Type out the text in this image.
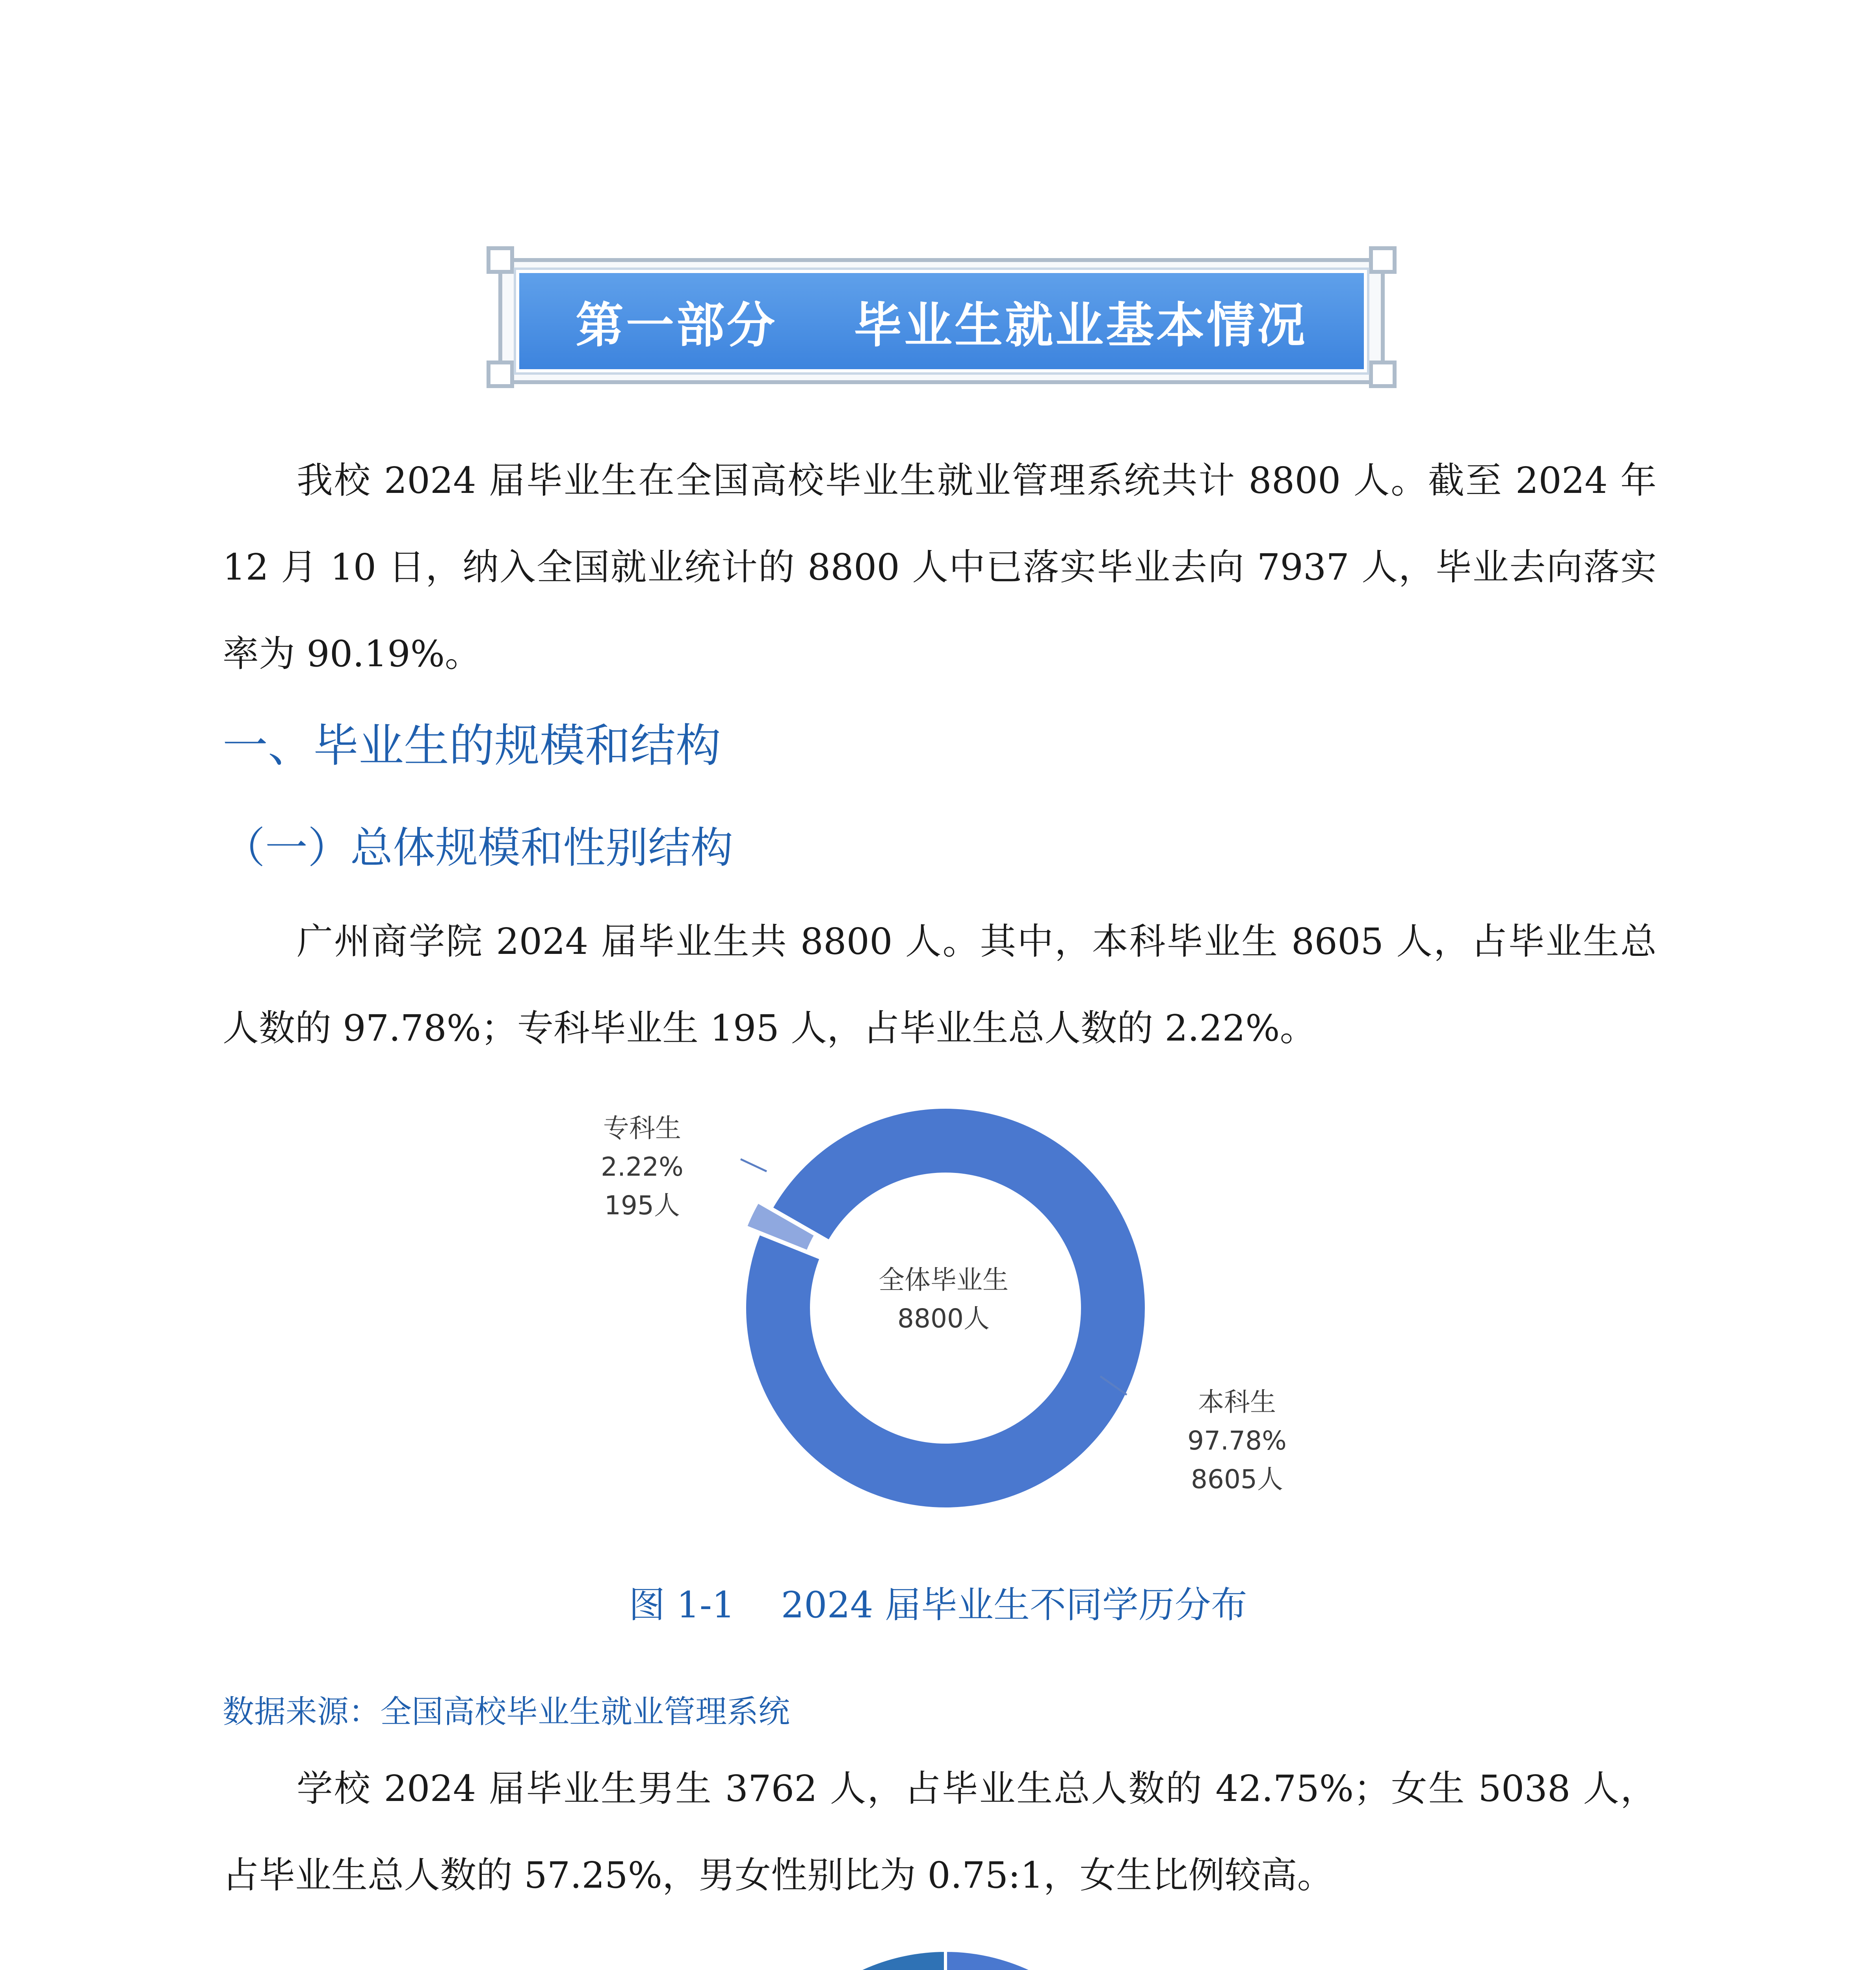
第一部分    毕业生就业基本情况
我校 2024 届毕业生在全国高校毕业生就业管理系统共计 8800 人。截至 2024 年 12 月 10 日，纳入全国就业统计的 8800 人中已落实毕业去向 7937 人，毕业去向落实率为 90.19%。
一、毕业生的规模和结构
（一）总体规模和性别结构
广州商学院 2024 届毕业生共 8800 人。其中，本科毕业生 8605 人，占毕业生总人数的 97.78%；专科毕业生 195 人，占毕业生总人数的 2.22%。
全体毕业生
8800人
专科生
2.22%
195人
本科生
97.78%
8605人
图 1-1    2024 届毕业生不同学历分布
数据来源：全国高校毕业生就业管理系统
学校 2024 届毕业生男生 3762 人，占毕业生总人数的 42.75%；女生 5038 人，占毕业生总人数的 57.25%，男女性别比为 0.75:1，女生比例较高。
